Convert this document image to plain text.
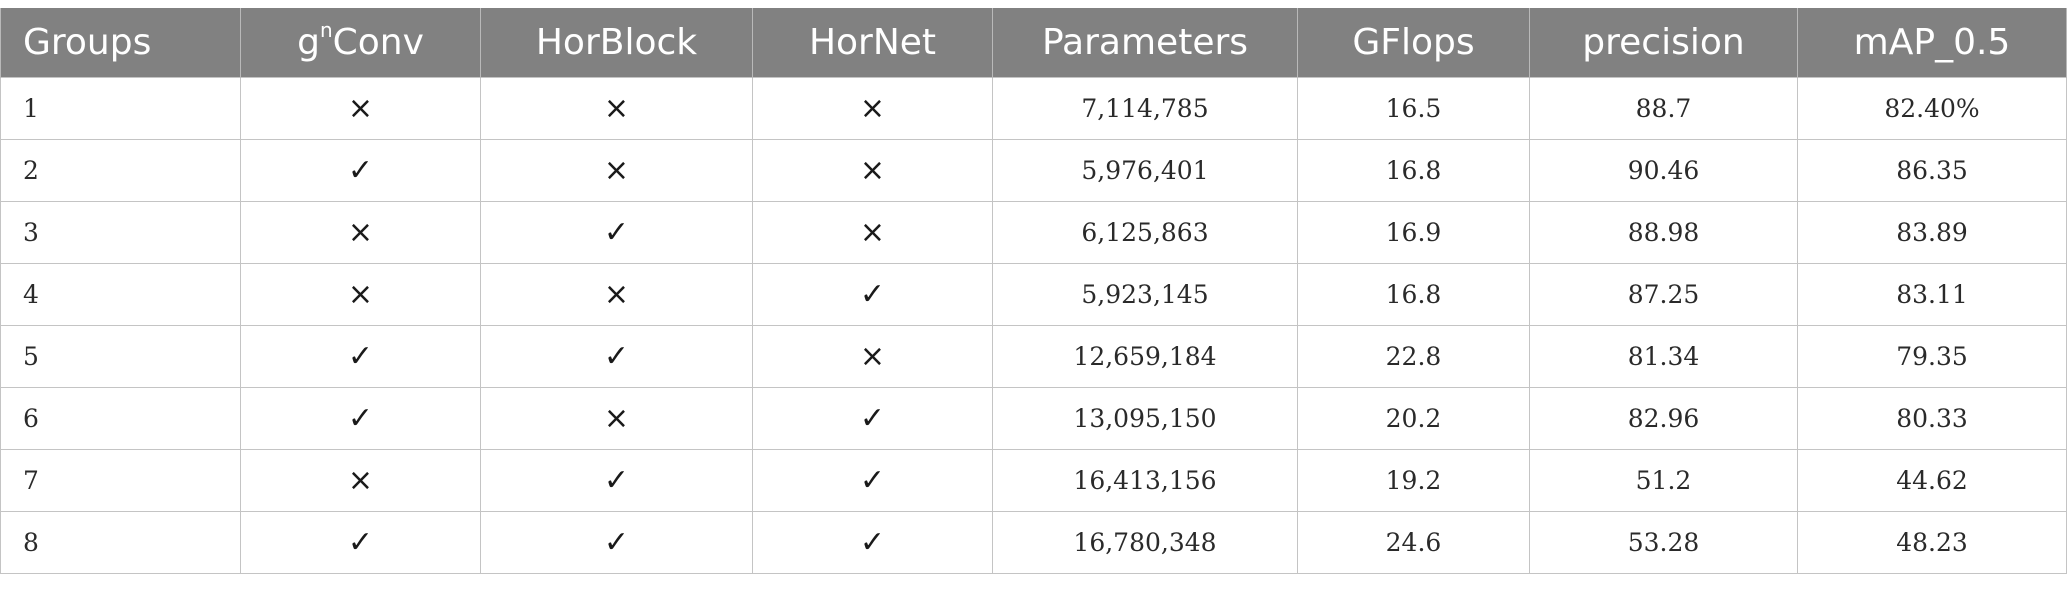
Groups	$g^nConv$	HorBlock	HorNet	Parameters	GFlops	precision	mAP_0.5
1	×	×	×	7,114,785	16.5	88.7	82.40%
2	✓	×	×	5,976,401	16.8	90.46	86.35
3	×	✓	×	6,125,863	16.9	88.98	83.89
4	×	×	✓	5,923,145	16.8	87.25	83.11
5	✓	✓	×	12,659,184	22.8	81.34	79.35
6	✓	×	✓	13,095,150	20.2	82.96	80.33
7	×	✓	✓	16,413,156	19.2	51.2	44.62
8	✓	✓	✓	16,780,348	24.6	53.28	48.23
